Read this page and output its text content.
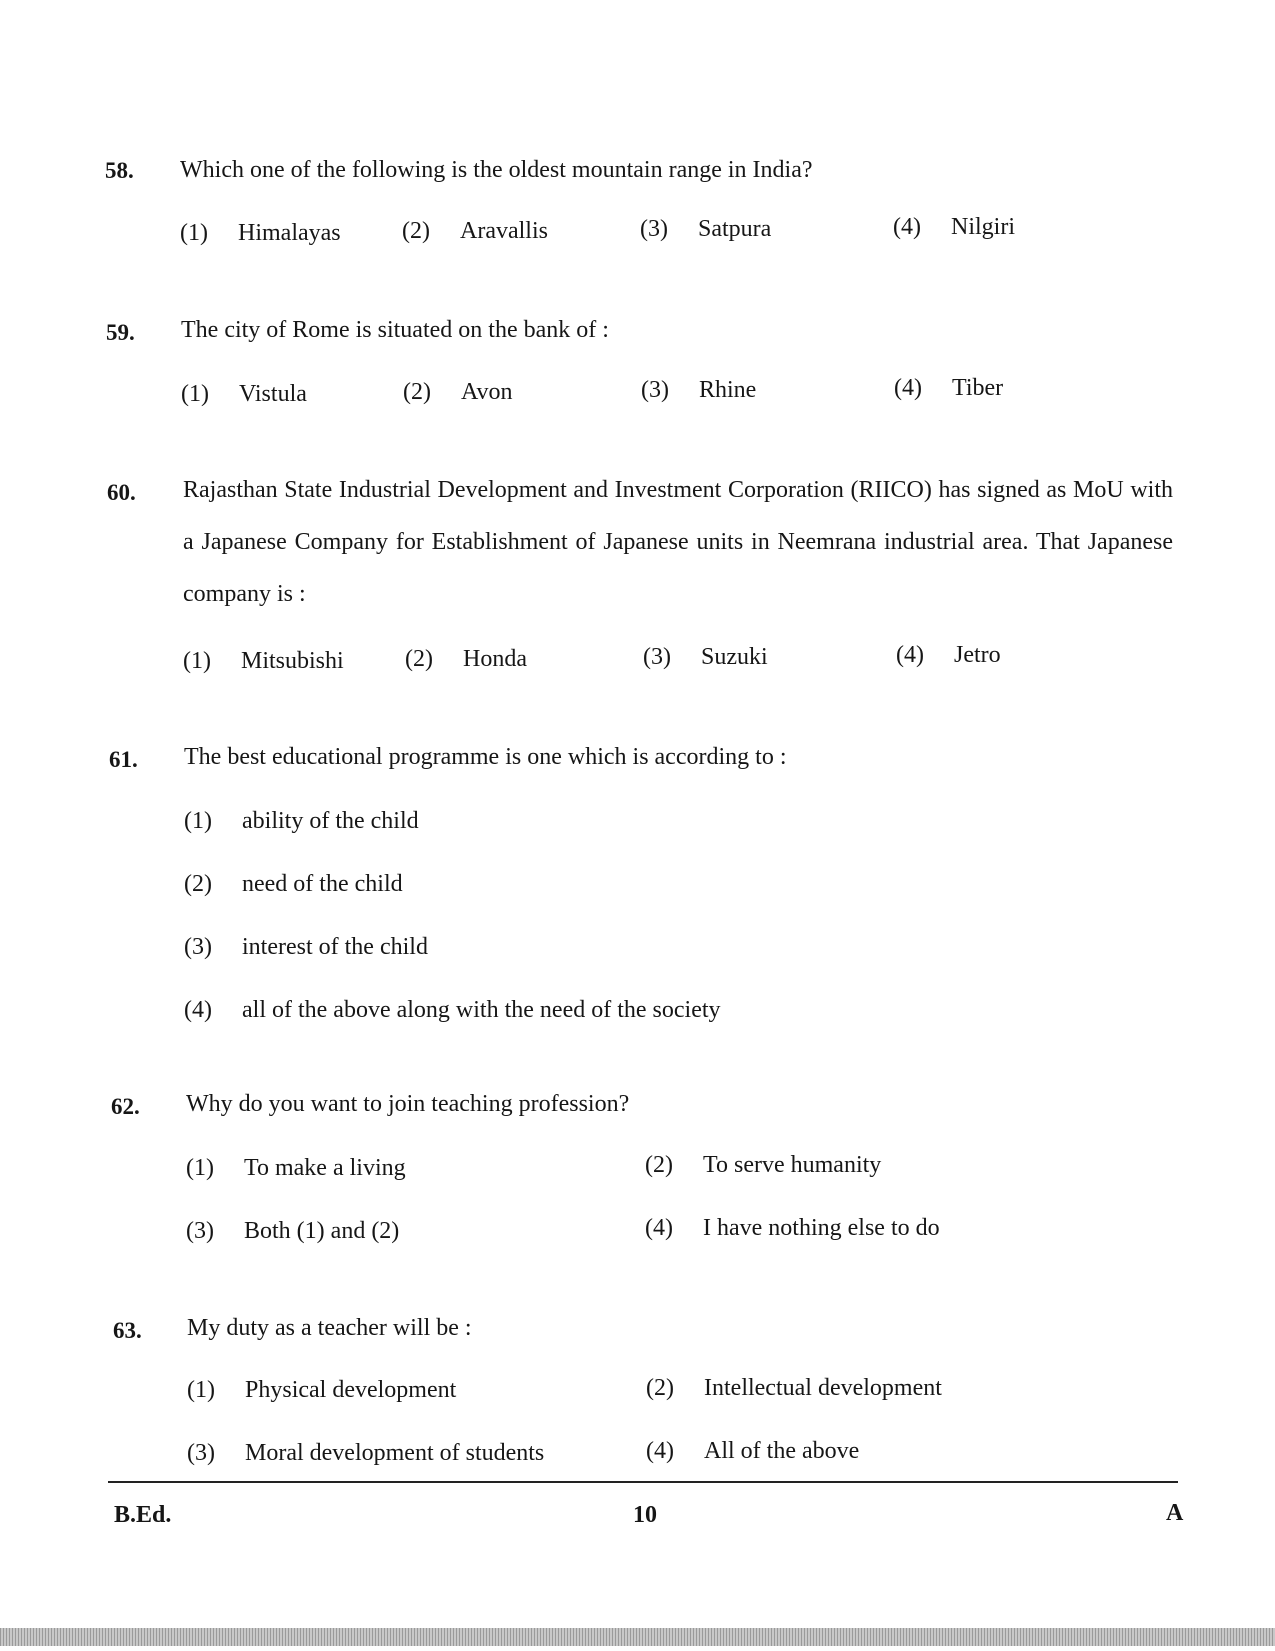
58. Which one of the following is the oldest mountain range in India?
(1) Himalayas	(2) Aravallis	(3) Satpura	(4) Nilgiri
59. The city of Rome is situated on the bank of :
(1) Vistula	(2) Avon	(3) Rhine	(4) Tiber
60. Rajasthan State Industrial Development and Investment Corporation (RIICO) has signed as MoU with a Japanese Company for Establishment of Japanese units in Neemrana industrial area. That Japanese company is :
(1) Mitsubishi	(2) Honda	(3) Suzuki	(4) Jetro
61. The best educational programme is one which is according to :
(1) ability of the child
(2) need of the child
(3) interest of the child
(4) all of the above along with the need of the society
62. Why do you want to join teaching profession?
(1) To make a living	(2) To serve humanity
(3) Both (1) and (2)	(4) I have nothing else to do
63. My duty as a teacher will be :
(1) Physical development	(2) Intellectual development
(3) Moral development of students	(4) All of the above
B.Ed.	10	A
